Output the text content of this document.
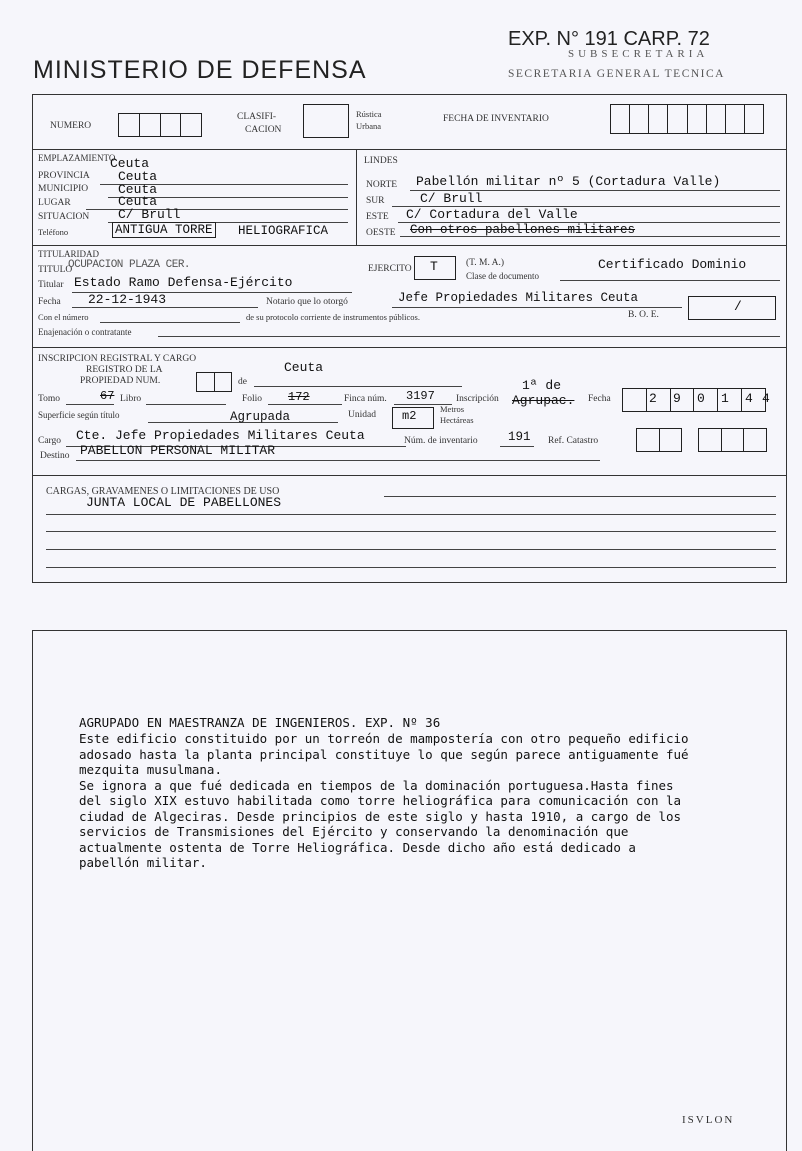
MINISTERIO DE DEFENSA
EXP. N° 191 CARP. 72
SUBSECRETARIA
SECRETARIA GENERAL TECNICA
NUMERO
CLASIFI-
CACION
Rústica
Urbana
FECHA DE INVENTARIO
EMPLAZAMIENTO
Ceuta
PROVINCIA Ceuta
MUNICIPIO Ceuta
LUGAR	Ceuta
SITUACION C/ Brull
Teléfono	ANTIGUA TORRE HELIOGRAFICA
LINDES
NORTE Pabellón militar nº 5 (Cortadura Valle)
SUR	C/ Brull
ESTE C/ Cortadura del Valle
OESTE Con otros pabellones militares
TITULARIDAD
TITULO
OCUPACION PLAZA CER.	EJERCITO T	(T. M. A.)
Clase de documento
Certificado Dominio
Titular Estado Ramo Defensa-Ejército
Fecha 22-12-1943	Notario que lo otorgó	Jefe Propiedades Militares Ceuta
/
Con el número	de su protocolo corriente de instrumentos públicos.	B. O. E.
Enajenación o contratante
INSCRIPCION REGISTRAL Y CARGO
REGISTRO DE LA
PROPIEDAD NUM.	de
Ceuta
1ª de
Tomo	67 Libro	Folio 172	Finca núm. 3197 Inscripción Agrupac. Fecha	2 9 0 1 4 4
Superficie según título	Agrupada	Unidad m2	Metros
Hectáreas
Cargo Cte. Jefe Propiedades Militares Ceuta	Núm. de inventario 191 Ref. Catastro
Destino PABELLON PERSONAL MILITAR
CARGAS, GRAVAMENES O LIMITACIONES DE USO
JUNTA LOCAL DE PABELLONES
AGRUPADO EN MAESTRANZA DE INGENIEROS. EXP. Nº 36
Este edificio constituido por un torreón de mampostería con otro pequeño edificio
adosado hasta la planta principal constituye lo que según parece antiguamente fué
mezquita musulmana.
Se ignora a que fué dedicada en tiempos de la dominación portuguesa.Hasta fines
del siglo XIX estuvo habilitada como torre heliográfica para comunicación con la
ciudad de Algeciras. Desde principios de este siglo y hasta 1910, a cargo de los
servicios de Transmisiones del Ejército y conservando la denominación que
actualmente ostenta de Torre Heliográfica. Desde dicho año está dedicado a
pabellón militar.
ISVLON
